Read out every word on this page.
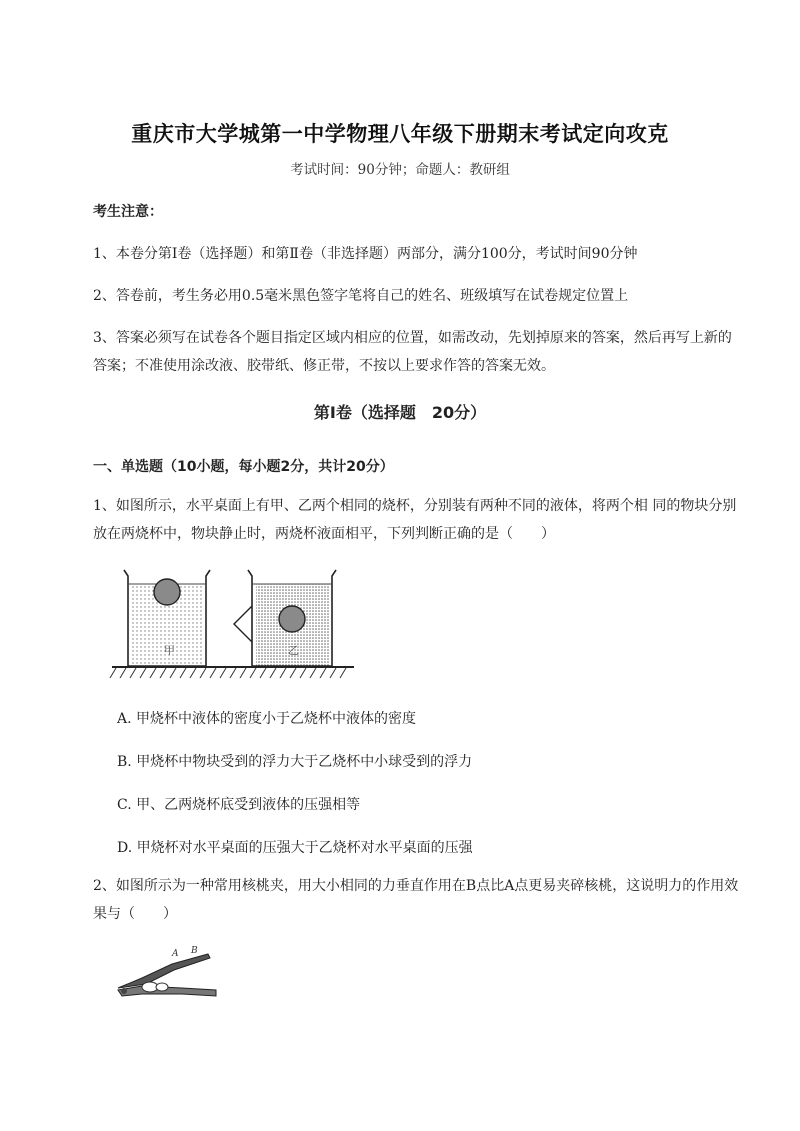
重庆市大学城第一中学物理八年级下册期末考试定向攻克
考试时间：90分钟；命题人：教研组
考生注意：
1、本卷分第Ⅰ卷（选择题）和第Ⅱ卷（非选择题）两部分，满分100分，考试时间90分钟
2、答卷前，考生务必用0.5毫米黑色签字笔将自己的姓名、班级填写在试卷规定位置上
3、答案必须写在试卷各个题目指定区域内相应的位置，如需改动，先划掉原来的答案，然后再写上新的答案；不准使用涂改液、胶带纸、修正带，不按以上要求作答的答案无效。
第Ⅰ卷（选择题　20分）
一、单选题（10小题，每小题2分，共计20分）
1、如图所示，水平桌面上有甲、乙两个相同的烧杯，分别装有两种不同的液体，将两个相 同的物块分别放在两烧杯中，物块静止时，两烧杯液面相平，下列判断正确的是（　　）
甲	乙
A. 甲烧杯中液体的密度小于乙烧杯中液体的密度
B. 甲烧杯中物块受到的浮力大于乙烧杯中小球受到的浮力
C. 甲、乙两烧杯底受到液体的压强相等
D. 甲烧杯对水平桌面的压强大于乙烧杯对水平桌面的压强
2、如图所示为一种常用核桃夹，用大小相同的力垂直作用在B点比A点更易夹碎核桃，这说明力的作用效果与（　　）
A B
